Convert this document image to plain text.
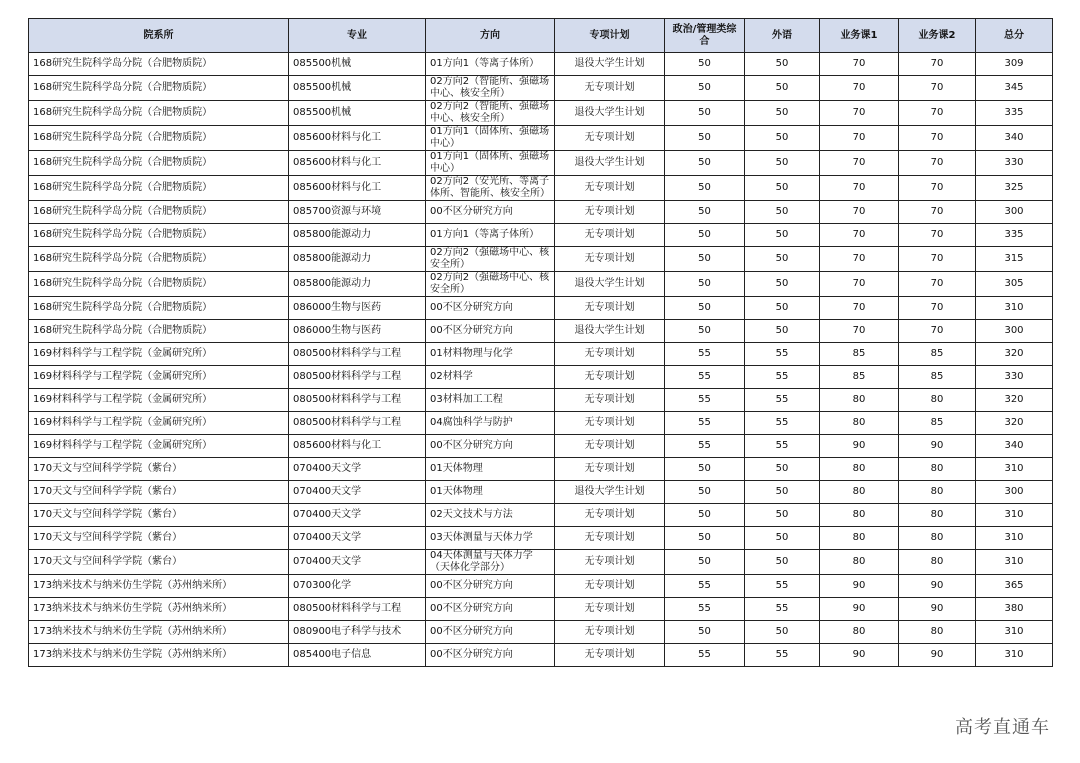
院系所	专业	方向	专项计划	政治/管理类综合	外语	业务课1	业务课2	总分
168研究生院科学岛分院（合肥物质院）	085500机械	01方向1（等离子体所）	退役大学生计划	50	50	70	70	309
168研究生院科学岛分院（合肥物质院）	085500机械	02方向2（智能所、强磁场中心、核安全所）	无专项计划	50	50	70	70	345
168研究生院科学岛分院（合肥物质院）	085500机械	02方向2（智能所、强磁场中心、核安全所）	退役大学生计划	50	50	70	70	335
168研究生院科学岛分院（合肥物质院）	085600材料与化工	01方向1（固体所、强磁场中心）	无专项计划	50	50	70	70	340
168研究生院科学岛分院（合肥物质院）	085600材料与化工	01方向1（固体所、强磁场中心）	退役大学生计划	50	50	70	70	330
168研究生院科学岛分院（合肥物质院）	085600材料与化工	02方向2（安光所、等离子体所、智能所、核安全所）	无专项计划	50	50	70	70	325
168研究生院科学岛分院（合肥物质院）	085700资源与环境	00不区分研究方向	无专项计划	50	50	70	70	300
168研究生院科学岛分院（合肥物质院）	085800能源动力	01方向1（等离子体所）	无专项计划	50	50	70	70	335
168研究生院科学岛分院（合肥物质院）	085800能源动力	02方向2（强磁场中心、核安全所）	无专项计划	50	50	70	70	315
168研究生院科学岛分院（合肥物质院）	085800能源动力	02方向2（强磁场中心、核安全所）	退役大学生计划	50	50	70	70	305
168研究生院科学岛分院（合肥物质院）	086000生物与医药	00不区分研究方向	无专项计划	50	50	70	70	310
168研究生院科学岛分院（合肥物质院）	086000生物与医药	00不区分研究方向	退役大学生计划	50	50	70	70	300
169材料科学与工程学院（金属研究所）	080500材料科学与工程	01材料物理与化学	无专项计划	55	55	85	85	320
169材料科学与工程学院（金属研究所）	080500材料科学与工程	02材料学	无专项计划	55	55	85	85	330
169材料科学与工程学院（金属研究所）	080500材料科学与工程	03材料加工工程	无专项计划	55	55	80	80	320
169材料科学与工程学院（金属研究所）	080500材料科学与工程	04腐蚀科学与防护	无专项计划	55	55	80	85	320
169材料科学与工程学院（金属研究所）	085600材料与化工	00不区分研究方向	无专项计划	55	55	90	90	340
170天文与空间科学学院（紫台）	070400天文学	01天体物理	无专项计划	50	50	80	80	310
170天文与空间科学学院（紫台）	070400天文学	01天体物理	退役大学生计划	50	50	80	80	300
170天文与空间科学学院（紫台）	070400天文学	02天文技术与方法	无专项计划	50	50	80	80	310
170天文与空间科学学院（紫台）	070400天文学	03天体测量与天体力学	无专项计划	50	50	80	80	310
170天文与空间科学学院（紫台）	070400天文学	04天体测量与天体力学（天体化学部分）	无专项计划	50	50	80	80	310
173纳米技术与纳米仿生学院（苏州纳米所）	070300化学	00不区分研究方向	无专项计划	55	55	90	90	365
173纳米技术与纳米仿生学院（苏州纳米所）	080500材料科学与工程	00不区分研究方向	无专项计划	55	55	90	90	380
173纳米技术与纳米仿生学院（苏州纳米所）	080900电子科学与技术	00不区分研究方向	无专项计划	50	50	80	80	310
173纳米技术与纳米仿生学院（苏州纳米所）	085400电子信息	00不区分研究方向	无专项计划	55	55	90	90	310
高考直通车
